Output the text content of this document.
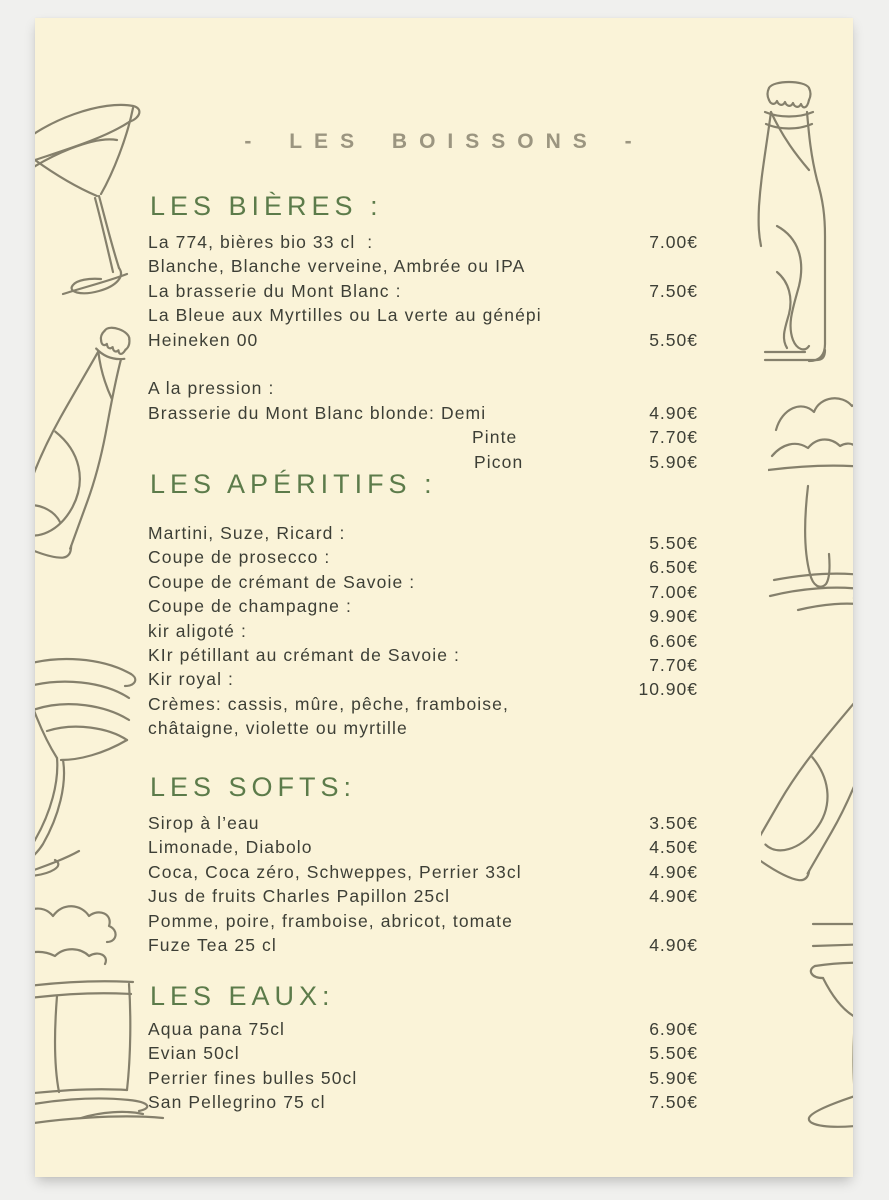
- LES BOISSONS -
LES BIÈRES :
La 774, bières bio 33 cl  :	7.00€
Blanche, Blanche verveine, Ambrée ou IPA
La brasserie du Mont Blanc :	7.50€
La Bleue aux Myrtilles ou La verte au génépi
Heineken 00	5.50€
A la pression :
Brasserie du Mont Blanc blonde: Demi	4.90€
Pinte	7.70€
Picon	5.90€
LES APÉRITIFS :
Martini, Suze, Ricard :	5.50€
Coupe de prosecco :	6.50€
Coupe de crémant de Savoie :	7.00€
Coupe de champagne :	9.90€
kir aligoté :	6.60€
KIr pétillant au crémant de Savoie :	7.70€
Kir royal :	10.90€
Crèmes: cassis, mûre, pêche, framboise,
châtaigne, violette ou myrtille
LES SOFTS:
Sirop à l’eau	3.50€
Limonade, Diabolo	4.50€
Coca, Coca zéro, Schweppes, Perrier 33cl	4.90€
Jus de fruits Charles Papillon 25cl	4.90€
Pomme, poire, framboise, abricot, tomate
Fuze Tea 25 cl	4.90€
LES EAUX:
Aqua pana 75cl	6.90€
Evian 50cl	5.50€
Perrier fines bulles 50cl	5.90€
San Pellegrino 75 cl	7.50€
